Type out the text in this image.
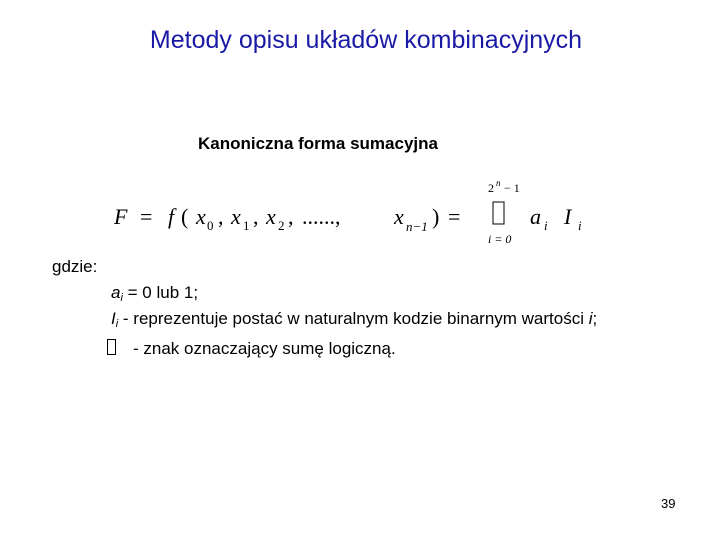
Metody opisu układów kombinacyjnych
Kanoniczna forma sumacyjna
F = f ( x 0 , x 1 , x 2 , ......, x n−1 ) =
2 n − 1
i = 0
a i I i
gdzie:
$a_i = 0$ lub 1;
$I_i$ - reprezentuje postać w naturalnym kodzie binarnym wartości i;
- znak oznaczający sumę logiczną.
39
